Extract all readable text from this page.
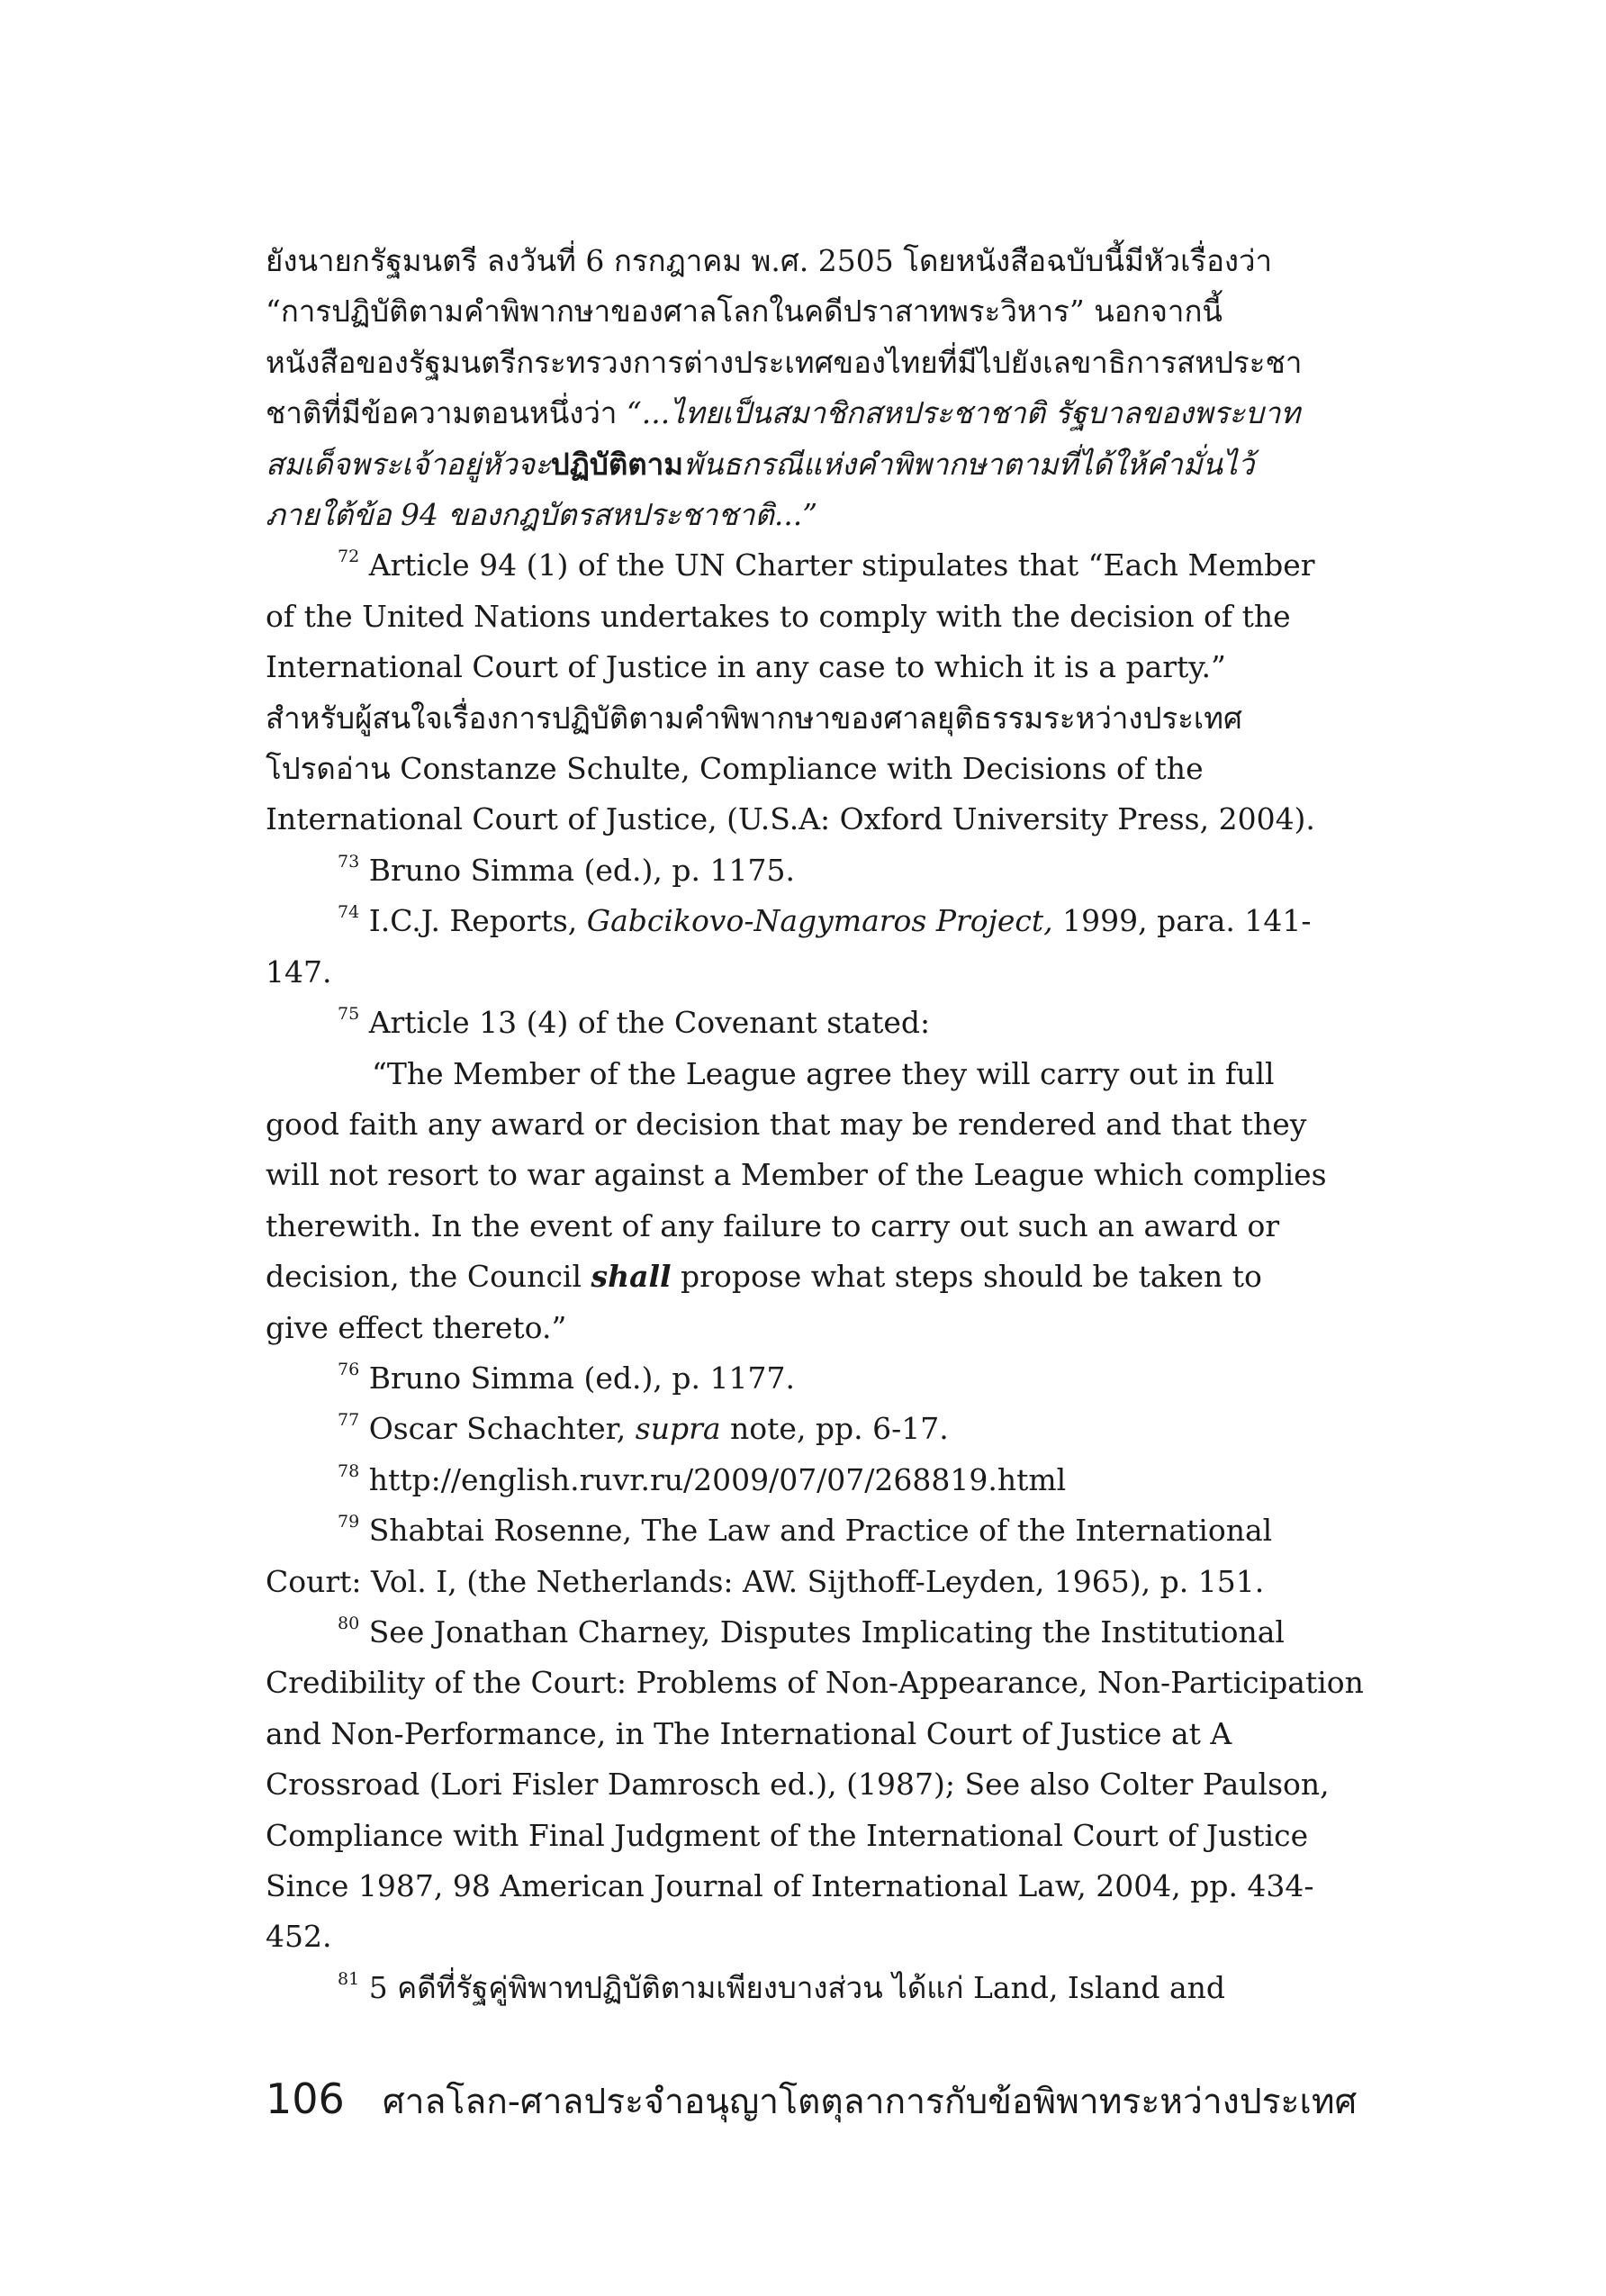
ยังนายกรัฐมนตรี ลงวันที่ 6 กรกฎาคม พ.ศ. 2505 โดยหนังสือฉบับนี้มีหัวเรื่องว่า
“การปฏิบัติตามคำพิพากษาของศาลโลกในคดีปราสาทพระวิหาร” นอกจากนี้
หนังสือของรัฐมนตรีกระทรวงการต่างประเทศของไทยที่มีไปยังเลขาธิการสหประชา
ชาติที่มีข้อความตอนหนึ่งว่า “...ไทยเป็นสมาชิกสหประชาชาติ รัฐบาลของพระบาท
สมเด็จพระเจ้าอยู่หัวจะปฏิบัติตามพันธกรณีแห่งคำพิพากษาตามที่ได้ให้คำมั่นไว้
ภายใต้ข้อ 94 ของกฎบัตรสหประชาชาติ...”
$^{72}$ Article 94 (1) of the UN Charter stipulates that “Each Member
of the United Nations undertakes to comply with the decision of the
International Court of Justice in any case to which it is a party.”
สำหรับผู้สนใจเรื่องการปฏิบัติตามคำพิพากษาของศาลยุติธรรมระหว่างประเทศ
โปรดอ่าน Constanze Schulte, Compliance with Decisions of the
International Court of Justice, (U.S.A: Oxford University Press, 2004).
$^{73}$ Bruno Simma (ed.), p. 1175.
$^{74}$ I.C.J. Reports, Gabcikovo-Nagymaros Project, 1999, para. 141-
147.
$^{75}$ Article 13 (4) of the Covenant stated:
“The Member of the League agree they will carry out in full
good faith any award or decision that may be rendered and that they
will not resort to war against a Member of the League which complies
therewith. In the event of any failure to carry out such an award or
decision, the Council shall propose what steps should be taken to
give effect thereto.”
$^{76}$ Bruno Simma (ed.), p. 1177.
$^{77}$ Oscar Schachter, supra note, pp. 6-17.
$^{78}$ http://english.ruvr.ru/2009/07/07/268819.html
$^{79}$ Shabtai Rosenne, The Law and Practice of the International
Court: Vol. I, (the Netherlands: AW. Sijthoff-Leyden, 1965), p. 151.
$^{80}$ See Jonathan Charney, Disputes Implicating the Institutional
Credibility of the Court: Problems of Non-Appearance, Non-Participation
and Non-Performance, in The International Court of Justice at A
Crossroad (Lori Fisler Damrosch ed.), (1987); See also Colter Paulson,
Compliance with Final Judgment of the International Court of Justice
Since 1987, 98 American Journal of International Law, 2004, pp. 434-
452.
$^{81}$ 5 คดีที่รัฐคู่พิพาทปฏิบัติตามเพียงบางส่วน ได้แก่ Land, Island and
106 ศาลโลก-ศาลประจำอนุญาโตตุลาการกับข้อพิพาทระหว่างประเทศ
